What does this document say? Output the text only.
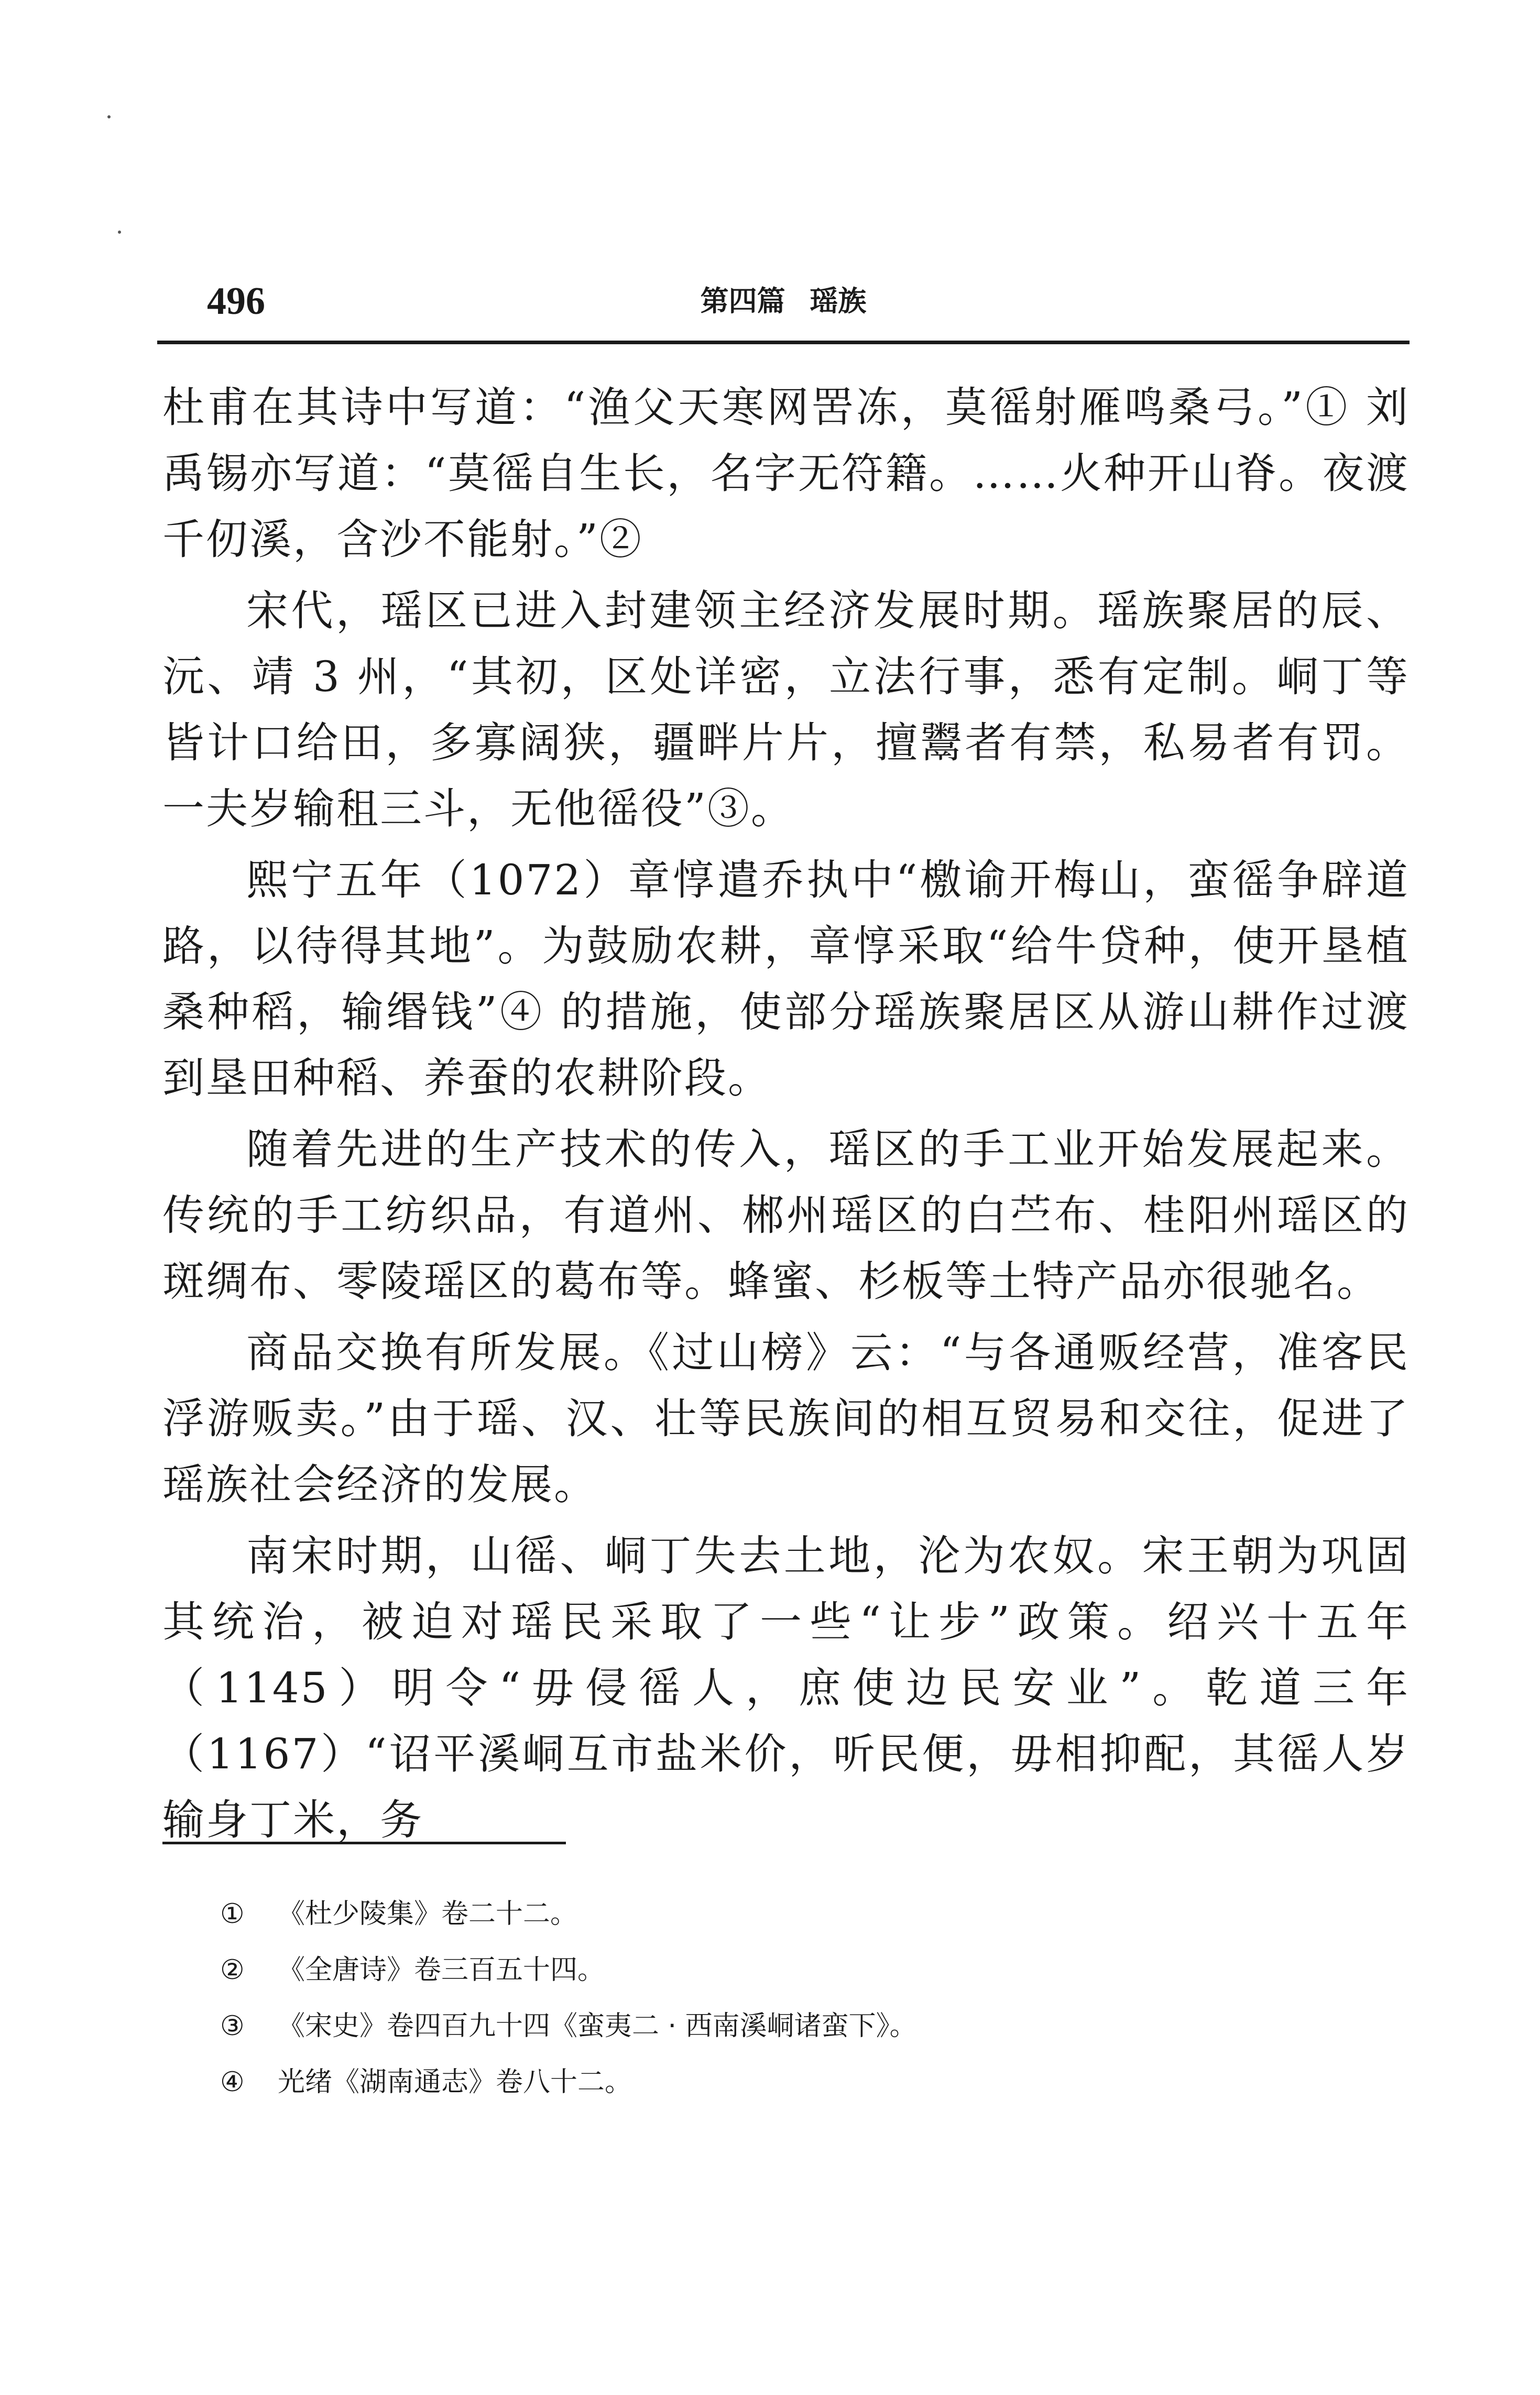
496	第四篇 瑶族

杜甫在其诗中写道：“渔父天寒网罟冻，莫徭射雁鸣桑弓。”① 刘禹锡亦写道：“莫徭自生长，名字无符籍。……火种开山脊。夜渡千仞溪，含沙不能射。”②

宋代，瑶区已进入封建领主经济发展时期。瑶族聚居的辰、沅、靖 3 州，“其初，区处详密，立法行事，悉有定制。峒丁等皆计口给田，多寡阔狭，疆畔片片，擅鬻者有禁，私易者有罚。一夫岁输租三斗，无他徭役”③。

熙宁五年（1072）章惇遣乔执中“檄谕开梅山，蛮徭争辟道路，以待得其地”。为鼓励农耕，章惇采取“给牛贷种，使开垦植桑种稻，输缗钱”④ 的措施，使部分瑶族聚居区从游山耕作过渡到垦田种稻、养蚕的农耕阶段。

随着先进的生产技术的传入，瑶区的手工业开始发展起来。传统的手工纺织品，有道州、郴州瑶区的白苎布、桂阳州瑶区的斑绸布、零陵瑶区的葛布等。蜂蜜、杉板等土特产品亦很驰名。

商品交换有所发展。《过山榜》云：“与各通贩经营，准客民浮游贩卖。”由于瑶、汉、壮等民族间的相互贸易和交往，促进了瑶族社会经济的发展。

南宋时期，山徭、峒丁失去土地，沦为农奴。宋王朝为巩固其统治，被迫对瑶民采取了一些“让步”政策。绍兴十五年（1145）明令“毋侵徭人，庶使边民安业”。乾道三年（1167）“诏平溪峒互市盐米价，听民便，毋相抑配，其徭人岁输身丁米，务

①	《杜少陵集》卷二十二。
②	《全唐诗》卷三百五十四。
③	《宋史》卷四百九十四《蛮夷二 · 西南溪峒诸蛮下》。
④	光绪《湖南通志》卷八十二。
